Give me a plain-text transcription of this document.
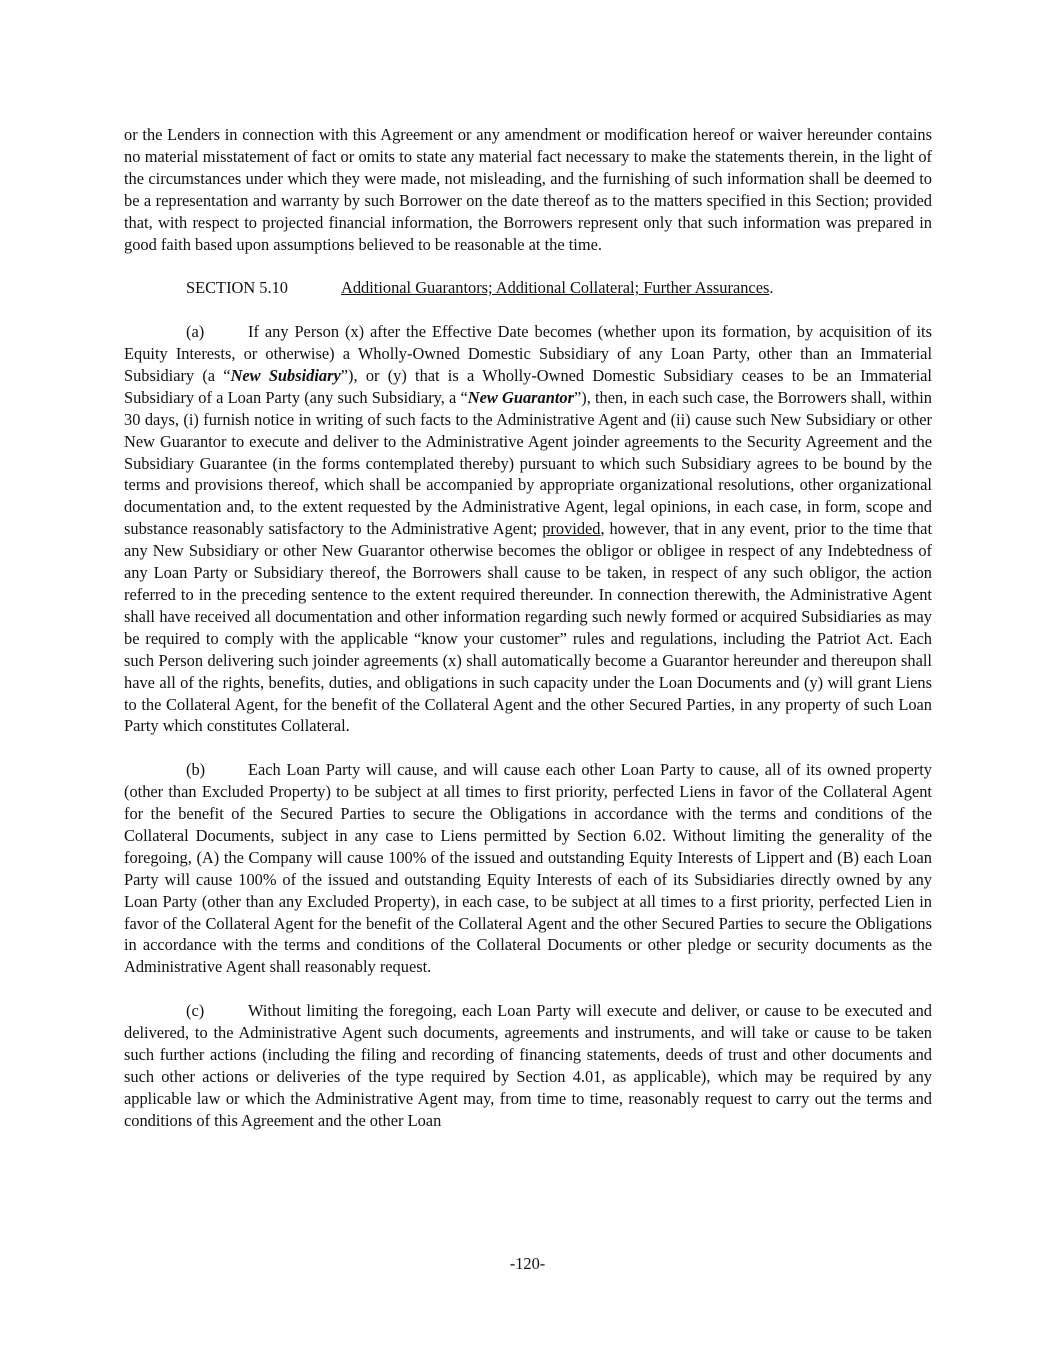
or the Lenders in connection with this Agreement or any amendment or modification hereof or waiver hereunder contains no material misstatement of fact or omits to state any material fact necessary to make the statements therein, in the light of the circumstances under which they were made, not misleading, and the furnishing of such information shall be deemed to be a representation and warranty by such Borrower on the date thereof as to the matters specified in this Section; provided that, with respect to projected financial information, the Borrowers represent only that such information was prepared in good faith based upon assumptions believed to be reasonable at the time.

SECTION 5.10	Additional Guarantors; Additional Collateral; Further Assurances.

(a)	If any Person (x) after the Effective Date becomes (whether upon its formation, by acquisition of its Equity Interests, or otherwise) a Wholly-Owned Domestic Subsidiary of any Loan Party, other than an Immaterial Subsidiary (a “New Subsidiary”), or (y) that is a Wholly-Owned Domestic Subsidiary ceases to be an Immaterial Subsidiary of a Loan Party (any such Subsidiary, a “New Guarantor”), then, in each such case, the Borrowers shall, within 30 days, (i) furnish notice in writing of such facts to the Administrative Agent and (ii) cause such New Subsidiary or other New Guarantor to execute and deliver to the Administrative Agent joinder agreements to the Security Agreement and the Subsidiary Guarantee (in the forms contemplated thereby) pursuant to which such Subsidiary agrees to be bound by the terms and provisions thereof, which shall be accompanied by appropriate organizational resolutions, other organizational documentation and, to the extent requested by the Administrative Agent, legal opinions, in each case, in form, scope and substance reasonably satisfactory to the Administrative Agent; provided, however, that in any event, prior to the time that any New Subsidiary or other New Guarantor otherwise becomes the obligor or obligee in respect of any Indebtedness of any Loan Party or Subsidiary thereof, the Borrowers shall cause to be taken, in respect of any such obligor, the action referred to in the preceding sentence to the extent required thereunder. In connection therewith, the Administrative Agent shall have received all documentation and other information regarding such newly formed or acquired Subsidiaries as may be required to comply with the applicable “know your customer” rules and regulations, including the Patriot Act. Each such Person delivering such joinder agreements (x) shall automatically become a Guarantor hereunder and thereupon shall have all of the rights, benefits, duties, and obligations in such capacity under the Loan Documents and (y) will grant Liens to the Collateral Agent, for the benefit of the Collateral Agent and the other Secured Parties, in any property of such Loan Party which constitutes Collateral.

(b)	Each Loan Party will cause, and will cause each other Loan Party to cause, all of its owned property (other than Excluded Property) to be subject at all times to first priority, perfected Liens in favor of the Collateral Agent for the benefit of the Secured Parties to secure the Obligations in accordance with the terms and conditions of the Collateral Documents, subject in any case to Liens permitted by Section 6.02. Without limiting the generality of the foregoing, (A) the Company will cause 100% of the issued and outstanding Equity Interests of Lippert and (B) each Loan Party will cause 100% of the issued and outstanding Equity Interests of each of its Subsidiaries directly owned by any Loan Party (other than any Excluded Property), in each case, to be subject at all times to a first priority, perfected Lien in favor of the Collateral Agent for the benefit of the Collateral Agent and the other Secured Parties to secure the Obligations in accordance with the terms and conditions of the Collateral Documents or other pledge or security documents as the Administrative Agent shall reasonably request.

(c)	Without limiting the foregoing, each Loan Party will execute and deliver, or cause to be executed and delivered, to the Administrative Agent such documents, agreements and instruments, and will take or cause to be taken such further actions (including the filing and recording of financing statements, deeds of trust and other documents and such other actions or deliveries of the type required by Section 4.01, as applicable), which may be required by any applicable law or which the Administrative Agent may, from time to time, reasonably request to carry out the terms and conditions of this Agreement and the other Loan

-120-
